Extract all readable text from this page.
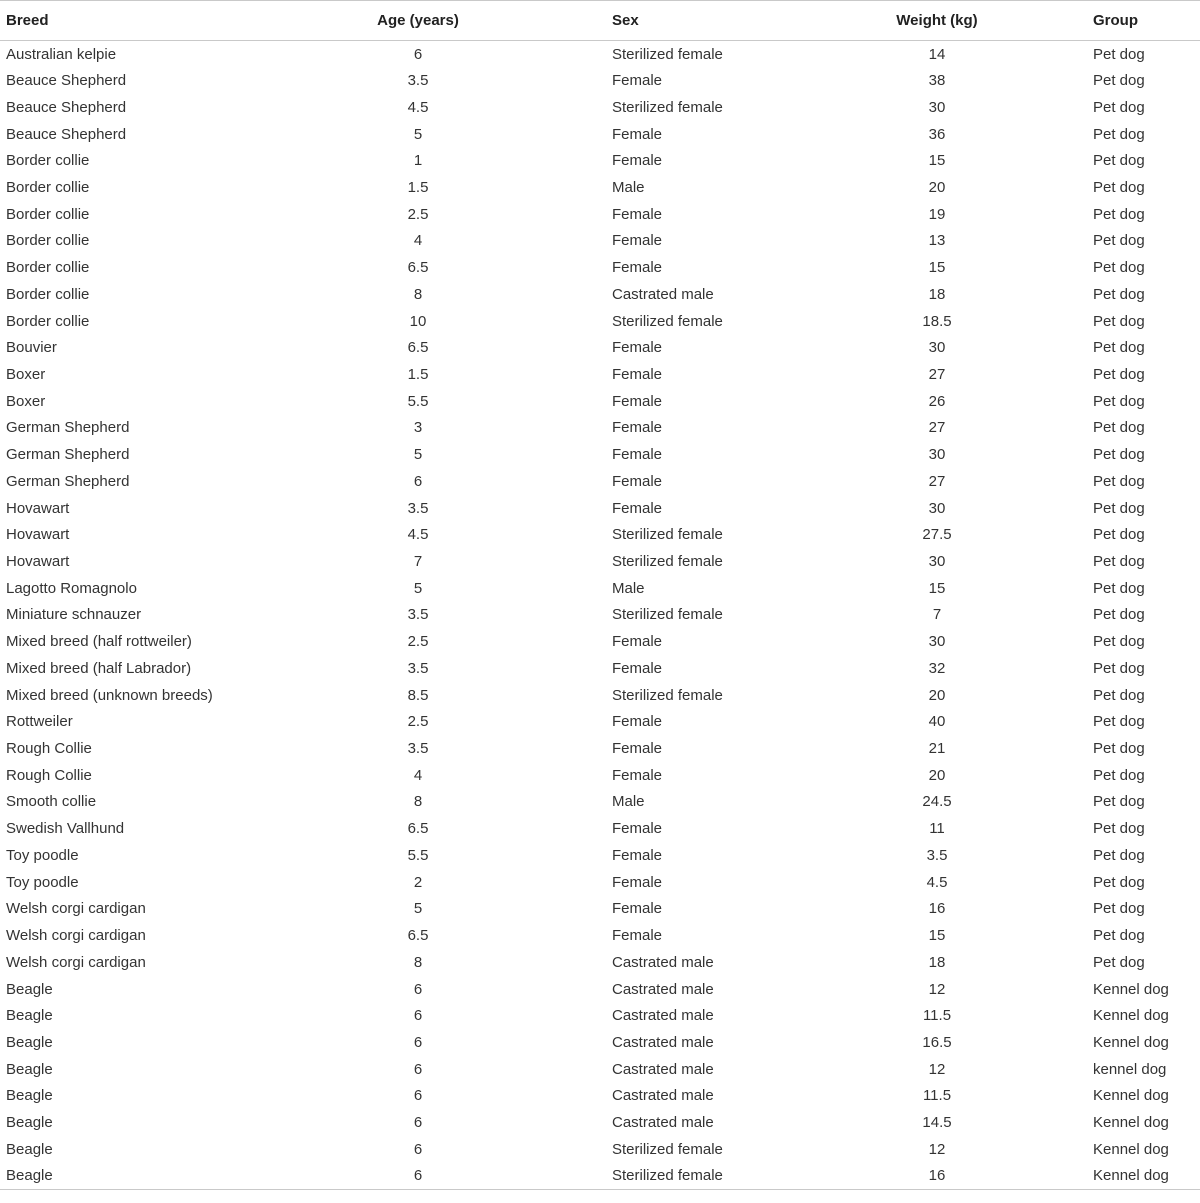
Breed	Age (years)	Sex	Weight (kg)	Group
Australian kelpie	6	Sterilized female	14	Pet dog
Beauce Shepherd	3.5	Female	38	Pet dog
Beauce Shepherd	4.5	Sterilized female	30	Pet dog
Beauce Shepherd	5	Female	36	Pet dog
Border collie	1	Female	15	Pet dog
Border collie	1.5	Male	20	Pet dog
Border collie	2.5	Female	19	Pet dog
Border collie	4	Female	13	Pet dog
Border collie	6.5	Female	15	Pet dog
Border collie	8	Castrated male	18	Pet dog
Border collie	10	Sterilized female	18.5	Pet dog
Bouvier	6.5	Female	30	Pet dog
Boxer	1.5	Female	27	Pet dog
Boxer	5.5	Female	26	Pet dog
German Shepherd	3	Female	27	Pet dog
German Shepherd	5	Female	30	Pet dog
German Shepherd	6	Female	27	Pet dog
Hovawart	3.5	Female	30	Pet dog
Hovawart	4.5	Sterilized female	27.5	Pet dog
Hovawart	7	Sterilized female	30	Pet dog
Lagotto Romagnolo	5	Male	15	Pet dog
Miniature schnauzer	3.5	Sterilized female	7	Pet dog
Mixed breed (half rottweiler)	2.5	Female	30	Pet dog
Mixed breed (half Labrador)	3.5	Female	32	Pet dog
Mixed breed (unknown breeds)	8.5	Sterilized female	20	Pet dog
Rottweiler	2.5	Female	40	Pet dog
Rough Collie	3.5	Female	21	Pet dog
Rough Collie	4	Female	20	Pet dog
Smooth collie	8	Male	24.5	Pet dog
Swedish Vallhund	6.5	Female	11	Pet dog
Toy poodle	5.5	Female	3.5	Pet dog
Toy poodle	2	Female	4.5	Pet dog
Welsh corgi cardigan	5	Female	16	Pet dog
Welsh corgi cardigan	6.5	Female	15	Pet dog
Welsh corgi cardigan	8	Castrated male	18	Pet dog
Beagle	6	Castrated male	12	Kennel dog
Beagle	6	Castrated male	11.5	Kennel dog
Beagle	6	Castrated male	16.5	Kennel dog
Beagle	6	Castrated male	12	kennel dog
Beagle	6	Castrated male	11.5	Kennel dog
Beagle	6	Castrated male	14.5	Kennel dog
Beagle	6	Sterilized female	12	Kennel dog
Beagle	6	Sterilized female	16	Kennel dog
